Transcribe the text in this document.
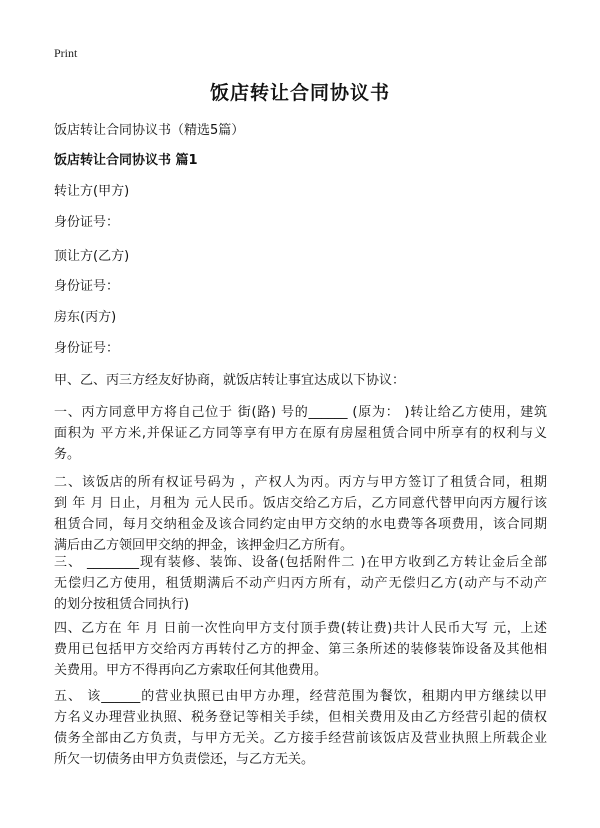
Print
饭店转让合同协议书
饭店转让合同协议书（精选5篇）
饭店转让合同协议书 篇1
转让方(甲方)
身份证号：
顶让方(乙方)
身份证号：
房东(丙方)
身份证号：
甲、乙、丙三方经友好协商，就饭店转让事宜达成以下协议：
一、丙方同意甲方将自己位于 街(路) 号的______ (原为： )转让给乙方使用，建筑
面积为 平方米,并保证乙方同等享有甲方在原有房屋租赁合同中所享有的权利与义
务。
二、该饭店的所有权证号码为 ，产权人为丙。丙方与甲方签订了租赁合同，租期
到 年 月 日止，月租为 元人民币。饭店交给乙方后，乙方同意代替甲向丙方履行该
租赁合同，每月交纳租金及该合同约定由甲方交纳的水电费等各项费用，该合同期
满后由乙方领回甲交纳的押金，该押金归乙方所有。
三、 ________现有装修、装饰、设备(包括附件二 )在甲方收到乙方转让金后全部
无偿归乙方使用，租赁期满后不动产归丙方所有，动产无偿归乙方(动产与不动产
的划分按租赁合同执行)
四、乙方在 年 月 日前一次性向甲方支付顶手费(转让费)共计人民币大写 元，上述
费用已包括甲方交给丙方再转付乙方的押金、第三条所述的装修装饰设备及其他相
关费用。甲方不得再向乙方索取任何其他费用。
五、 该______的营业执照已由甲方办理，经营范围为餐饮，租期内甲方继续以甲
方名义办理营业执照、税务登记等相关手续，但相关费用及由乙方经营引起的债权
债务全部由乙方负责，与甲方无关。乙方接手经营前该饭店及营业执照上所载企业
所欠一切债务由甲方负责偿还，与乙方无关。
